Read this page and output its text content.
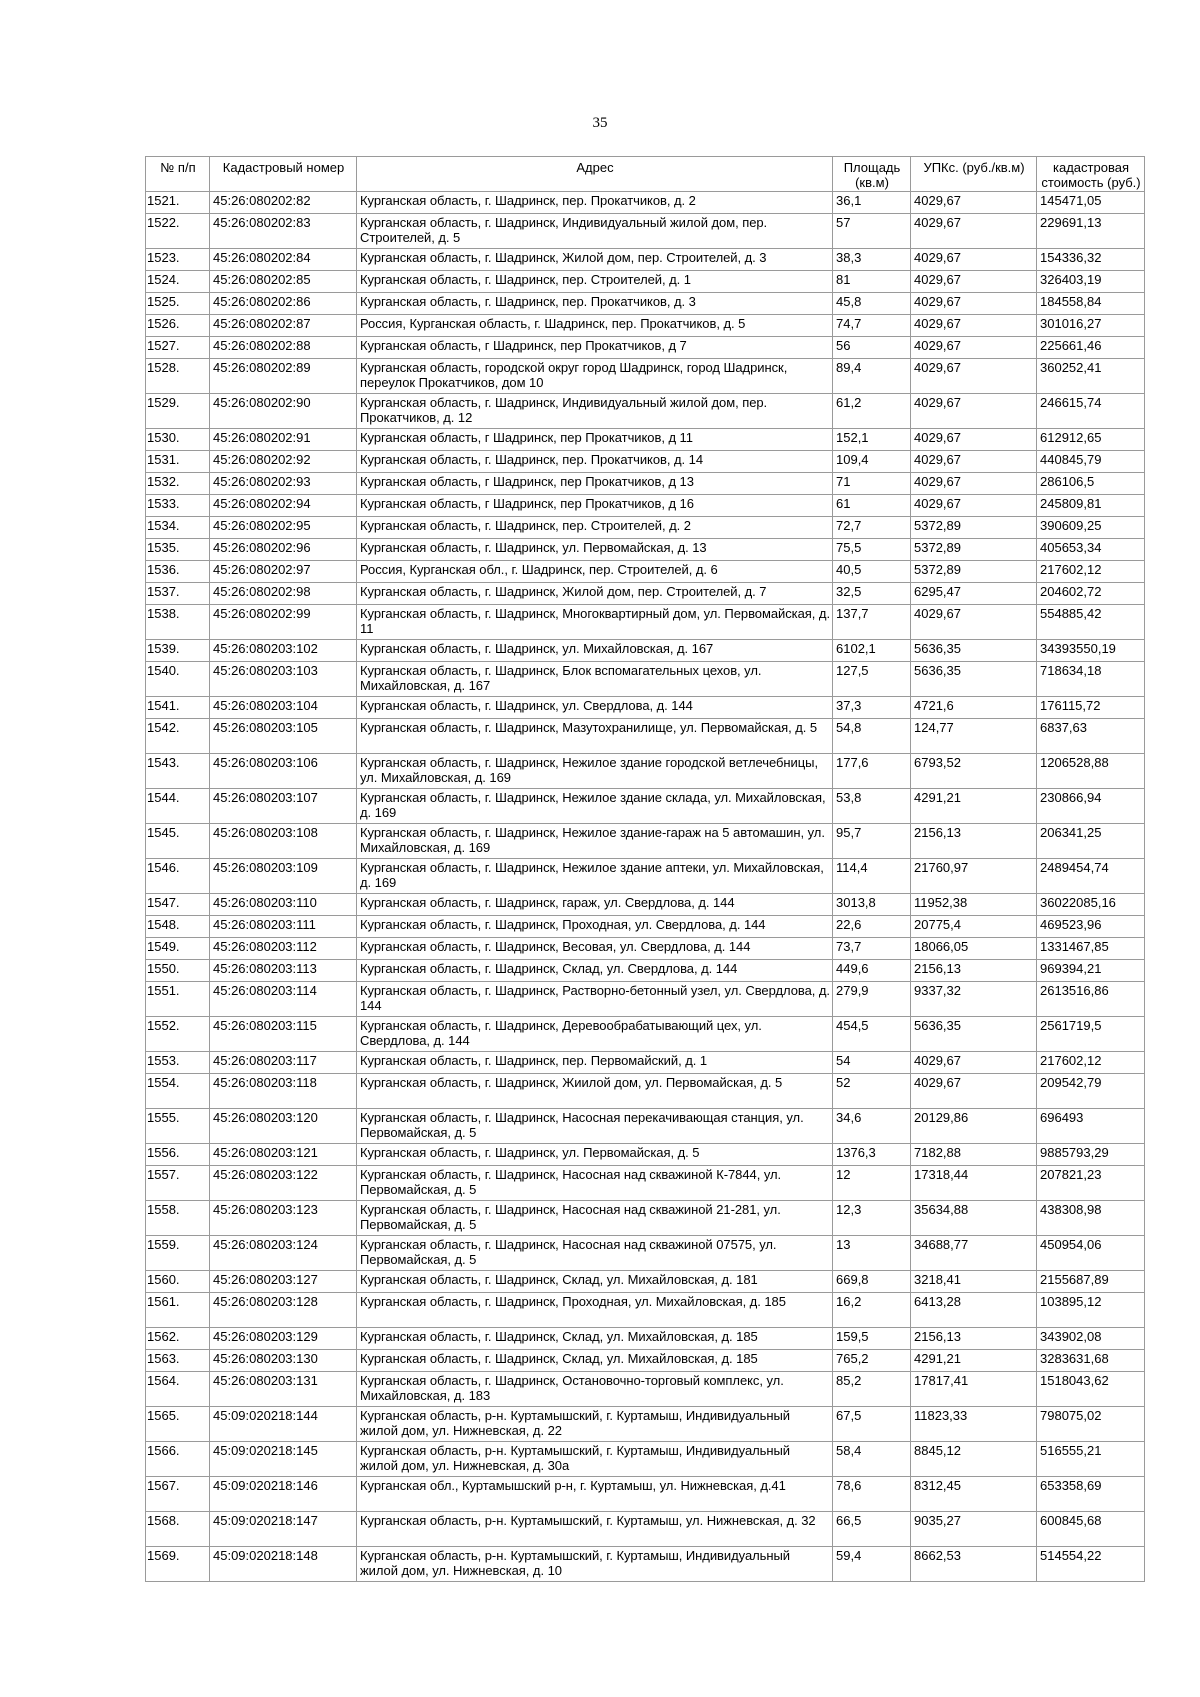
35
№ п/п	Кадастровый номер	Адрес	Площадь (кв.м)	УПКс. (руб./кв.м)	кадастровая стоимость (руб.)
1521.	45:26:080202:82	Курганская область, г. Шадринск, пер. Прокатчиков, д. 2	36,1	4029,67	145471,05
1522.	45:26:080202:83	Курганская область, г. Шадринск, Индивидуальный жилой дом, пер. Строителей, д. 5	57	4029,67	229691,13
1523.	45:26:080202:84	Курганская область, г. Шадринск, Жилой дом, пер. Строителей, д. 3	38,3	4029,67	154336,32
1524.	45:26:080202:85	Курганская область, г. Шадринск, пер. Строителей, д. 1	81	4029,67	326403,19
1525.	45:26:080202:86	Курганская область, г. Шадринск, пер. Прокатчиков, д. 3	45,8	4029,67	184558,84
1526.	45:26:080202:87	Россия, Курганская область, г. Шадринск, пер. Прокатчиков, д. 5	74,7	4029,67	301016,27
1527.	45:26:080202:88	Курганская область, г Шадринск, пер Прокатчиков, д 7	56	4029,67	225661,46
1528.	45:26:080202:89	Курганская область, городской округ город Шадринск, город Шадринск, переулок Прокатчиков, дом 10	89,4	4029,67	360252,41
1529.	45:26:080202:90	Курганская область, г. Шадринск, Индивидуальный жилой дом, пер. Прокатчиков, д. 12	61,2	4029,67	246615,74
1530.	45:26:080202:91	Курганская область, г Шадринск, пер Прокатчиков, д 11	152,1	4029,67	612912,65
1531.	45:26:080202:92	Курганская область, г. Шадринск, пер. Прокатчиков, д. 14	109,4	4029,67	440845,79
1532.	45:26:080202:93	Курганская область, г Шадринск, пер Прокатчиков, д 13	71	4029,67	286106,5
1533.	45:26:080202:94	Курганская область, г Шадринск, пер Прокатчиков, д 16	61	4029,67	245809,81
1534.	45:26:080202:95	Курганская область, г. Шадринск, пер. Строителей, д. 2	72,7	5372,89	390609,25
1535.	45:26:080202:96	Курганская область, г. Шадринск, ул. Первомайская, д. 13	75,5	5372,89	405653,34
1536.	45:26:080202:97	Россия, Курганская обл., г. Шадринск, пер. Строителей, д. 6	40,5	5372,89	217602,12
1537.	45:26:080202:98	Курганская область, г. Шадринск, Жилой дом, пер. Строителей, д. 7	32,5	6295,47	204602,72
1538.	45:26:080202:99	Курганская область, г. Шадринск, Многоквартирный дом, ул. Первомайская, д. 11	137,7	4029,67	554885,42
1539.	45:26:080203:102	Курганская область, г. Шадринск, ул. Михайловская, д. 167	6102,1	5636,35	34393550,19
1540.	45:26:080203:103	Курганская область, г. Шадринск, Блок вспомагательных цехов, ул. Михайловская, д. 167	127,5	5636,35	718634,18
1541.	45:26:080203:104	Курганская область, г. Шадринск, ул. Свердлова, д. 144	37,3	4721,6	176115,72
1542.	45:26:080203:105	Курганская область, г. Шадринск, Мазутохранилище, ул. Первомайская, д. 5	54,8	124,77	6837,63
1543.	45:26:080203:106	Курганская область, г. Шадринск, Нежилое здание городской ветлечебницы, ул. Михайловская, д. 169	177,6	6793,52	1206528,88
1544.	45:26:080203:107	Курганская область, г. Шадринск, Нежилое здание склада, ул. Михайловская, д. 169	53,8	4291,21	230866,94
1545.	45:26:080203:108	Курганская область, г. Шадринск, Нежилое здание-гараж на 5 автомашин, ул. Михайловская, д. 169	95,7	2156,13	206341,25
1546.	45:26:080203:109	Курганская область, г. Шадринск, Нежилое здание аптеки, ул. Михайловская, д. 169	114,4	21760,97	2489454,74
1547.	45:26:080203:110	Курганская область, г. Шадринск, гараж, ул. Свердлова, д. 144	3013,8	11952,38	36022085,16
1548.	45:26:080203:111	Курганская область, г. Шадринск, Проходная, ул. Свердлова, д. 144	22,6	20775,4	469523,96
1549.	45:26:080203:112	Курганская область, г. Шадринск, Весовая, ул. Свердлова, д. 144	73,7	18066,05	1331467,85
1550.	45:26:080203:113	Курганская область, г. Шадринск, Склад, ул. Свердлова, д. 144	449,6	2156,13	969394,21
1551.	45:26:080203:114	Курганская область, г. Шадринск, Растворно-бетонный узел, ул. Свердлова, д. 144	279,9	9337,32	2613516,86
1552.	45:26:080203:115	Курганская область, г. Шадринск, Деревообрабатывающий цех, ул. Свердлова, д. 144	454,5	5636,35	2561719,5
1553.	45:26:080203:117	Курганская область, г. Шадринск, пер. Первомайский, д. 1	54	4029,67	217602,12
1554.	45:26:080203:118	Курганская область, г. Шадринск, Жиилой дом, ул. Первомайская, д. 5	52	4029,67	209542,79
1555.	45:26:080203:120	Курганская область, г. Шадринск, Насосная перекачивающая станция, ул. Первомайская, д. 5	34,6	20129,86	696493
1556.	45:26:080203:121	Курганская область, г. Шадринск, ул. Первомайская, д. 5	1376,3	7182,88	9885793,29
1557.	45:26:080203:122	Курганская область, г. Шадринск, Насосная над скважиной К-7844, ул. Первомайская, д. 5	12	17318,44	207821,23
1558.	45:26:080203:123	Курганская область, г. Шадринск, Насосная над скважиной 21-281, ул. Первомайская, д. 5	12,3	35634,88	438308,98
1559.	45:26:080203:124	Курганская область, г. Шадринск, Насосная над скважиной 07575, ул. Первомайская, д. 5	13	34688,77	450954,06
1560.	45:26:080203:127	Курганская область, г. Шадринск, Склад, ул. Михайловская, д. 181	669,8	3218,41	2155687,89
1561.	45:26:080203:128	Курганская область, г. Шадринск, Проходная, ул. Михайловская, д. 185	16,2	6413,28	103895,12
1562.	45:26:080203:129	Курганская область, г. Шадринск, Склад, ул. Михайловская, д. 185	159,5	2156,13	343902,08
1563.	45:26:080203:130	Курганская область, г. Шадринск, Склад, ул. Михайловская, д. 185	765,2	4291,21	3283631,68
1564.	45:26:080203:131	Курганская область, г. Шадринск, Остановочно-торговый комплекс, ул. Михайловская, д. 183	85,2	17817,41	1518043,62
1565.	45:09:020218:144	Курганская область, р-н. Куртамышский, г. Куртамыш, Индивидуальный жилой дом, ул. Нижневская, д. 22	67,5	11823,33	798075,02
1566.	45:09:020218:145	Курганская область, р-н. Куртамышский, г. Куртамыш, Индивидуальный жилой дом, ул. Нижневская, д. 30а	58,4	8845,12	516555,21
1567.	45:09:020218:146	Курганская обл., Куртамышский р-н, г. Куртамыш, ул. Нижневская, д.41	78,6	8312,45	653358,69
1568.	45:09:020218:147	Курганская область, р-н. Куртамышский, г. Куртамыш, ул. Нижневская, д. 32	66,5	9035,27	600845,68
1569.	45:09:020218:148	Курганская область, р-н. Куртамышский, г. Куртамыш, Индивидуальный жилой дом, ул. Нижневская, д. 10	59,4	8662,53	514554,22
